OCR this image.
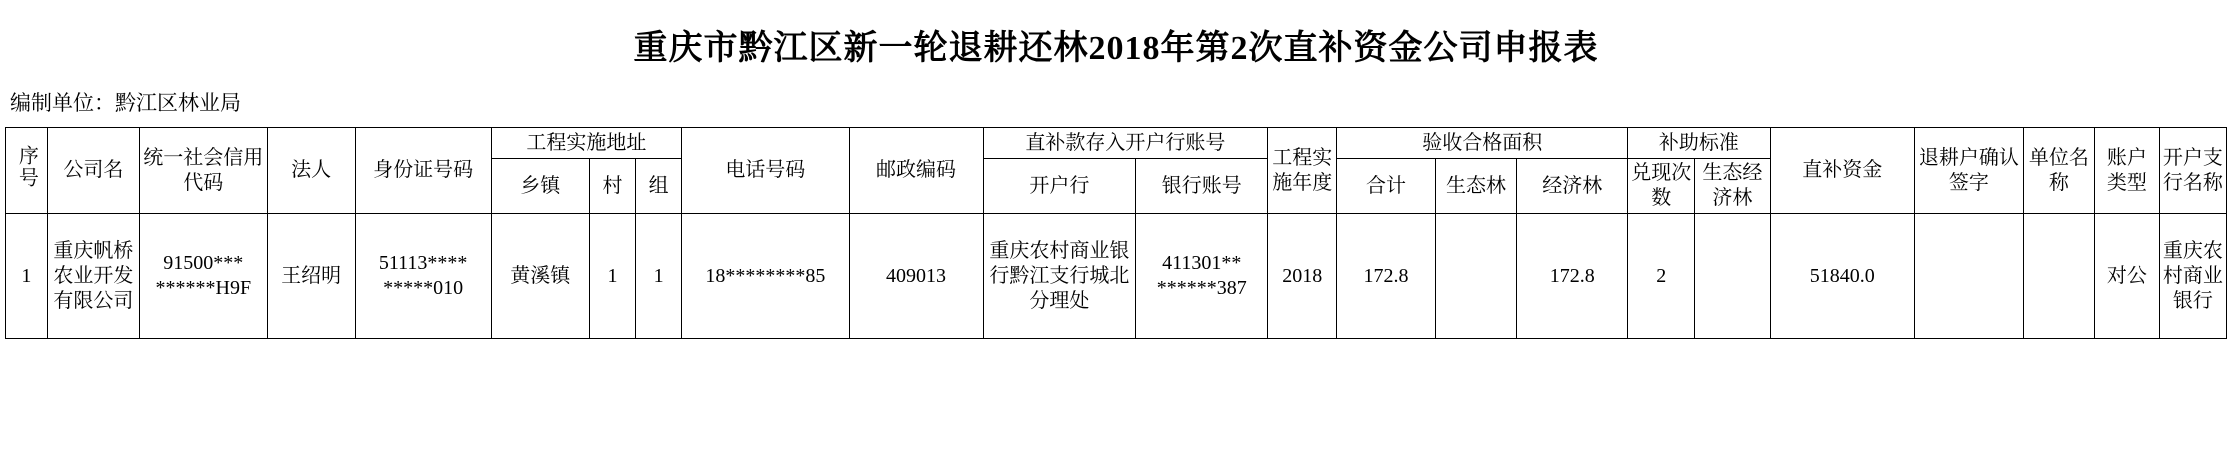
重庆市黔江区新一轮退耕还林2018年第2次直补资金公司申报表
编制单位：黔江区林业局
序号	公司名	统一社会信用代码	法人	身份证号码	工程实施地址			电话号码	邮政编码	直补款存入开户行账号		工程实施年度	验收合格面积			补助标准		直补资金	退耕户确认签字	单位名称	账户类型	开户支行名称
					乡镇	村	组			开户行	银行账号		合计	生态林	经济林	兑现次数	生态经济林					
1	重庆帆桥农业开发有限公司	91500*** ******H9F	王绍明	51113**** *****010	黄溪镇	1	1	18********85	409013	重庆农村商业银行黔江支行城北分理处	411301** ******387	2018	172.8		172.8	2		51840.0			对公	重庆农村商业银行
